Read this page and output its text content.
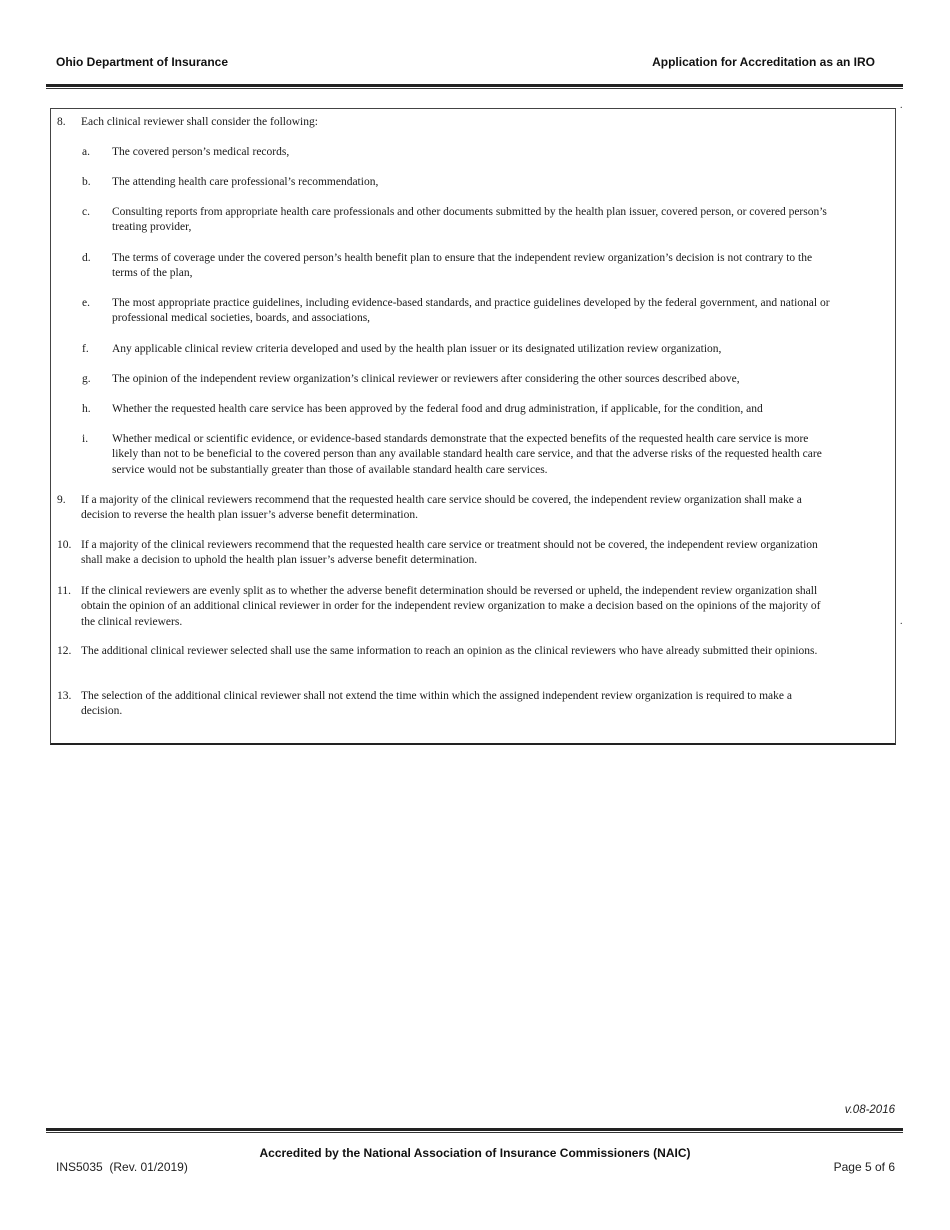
Ohio Department of Insurance	Application for Accreditation as an IRO
.
.
8. Each clinical reviewer shall consider the following:
a. The covered person’s medical records,
b. The attending health care professional’s recommendation,
c. Consulting reports from appropriate health care professionals and other documents submitted by the health plan issuer, covered person, or covered person’s treating provider,
d. The terms of coverage under the covered person’s health benefit plan to ensure that the independent review organization’s decision is not contrary to the terms of the plan,
e. The most appropriate practice guidelines, including evidence-based standards, and practice guidelines developed by the federal government, and national or professional medical societies, boards, and associations,
f. Any applicable clinical review criteria developed and used by the health plan issuer or its designated utilization review organization,
g. The opinion of the independent review organization’s clinical reviewer or reviewers after considering the other sources described above,
h. Whether the requested health care service has been approved by the federal food and drug administration, if applicable, for the condition, and
i. Whether medical or scientific evidence, or evidence-based standards demonstrate that the expected benefits of the requested health care service is more likely than not to be beneficial to the covered person than any available standard health care service, and that the adverse risks of the requested health care service would not be substantially greater than those of available standard health care services.
9. If a majority of the clinical reviewers recommend that the requested health care service should be covered, the independent review organization shall make a decision to reverse the health plan issuer’s adverse benefit determination.
10. If a majority of the clinical reviewers recommend that the requested health care service or treatment should not be covered, the independent review organization shall make a decision to uphold the health plan issuer’s adverse benefit determination.
11. If the clinical reviewers are evenly split as to whether the adverse benefit determination should be reversed or upheld, the independent review organization shall obtain the opinion of an additional clinical reviewer in order for the independent review organization to make a decision based on the opinions of the majority of the clinical reviewers.
12. The additional clinical reviewer selected shall use the same information to reach an opinion as the clinical reviewers who have already submitted their opinions.
13. The selection of the additional clinical reviewer shall not extend the time within which the assigned independent review organization is required to make a decision.
v.08-2016
Accredited by the National Association of Insurance Commissioners (NAIC)
INS5035  (Rev. 01/2019)	Page 5 of 6
